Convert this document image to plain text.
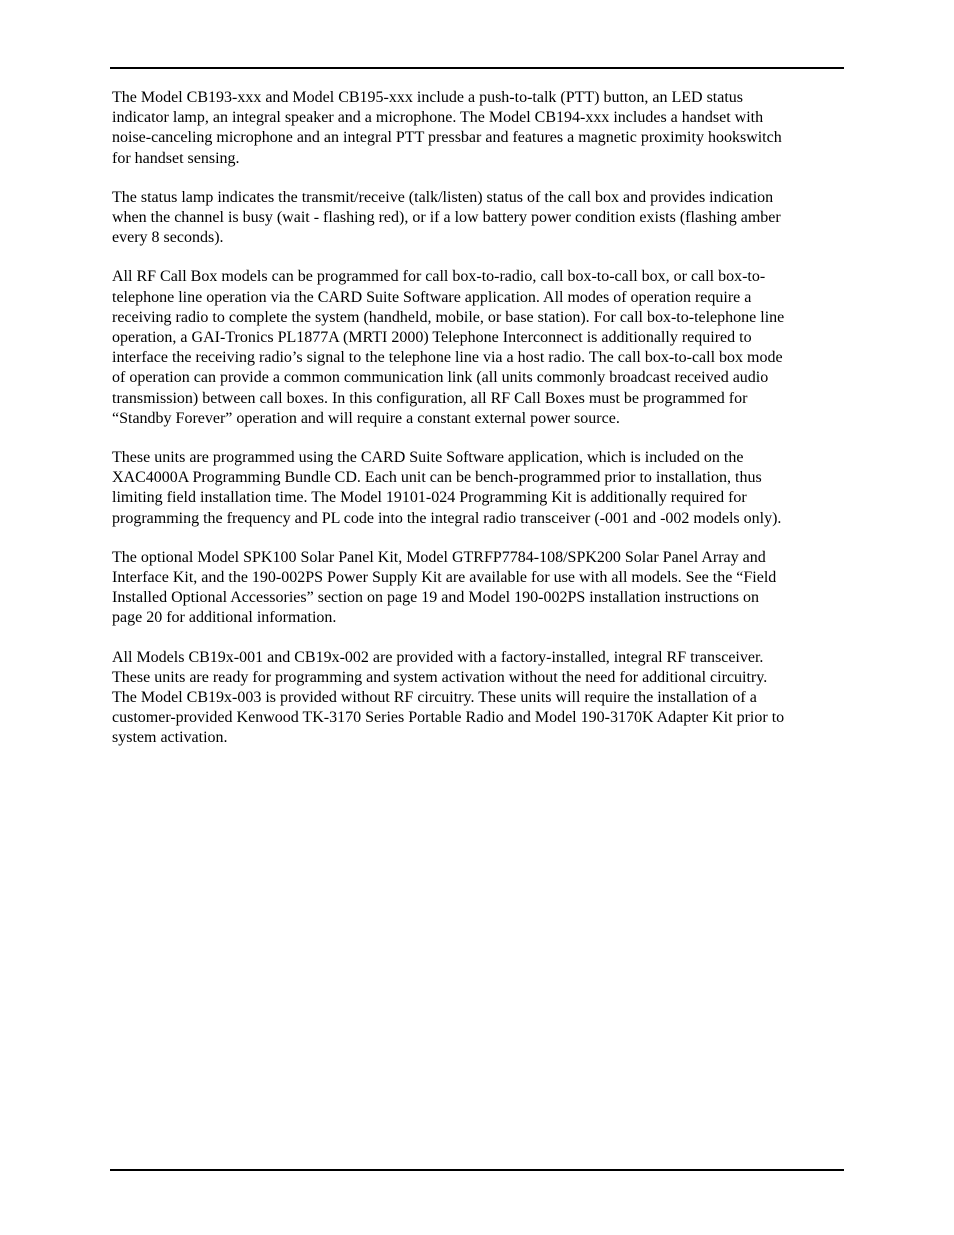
The Model CB193-xxx and Model CB195-xxx include a push-to-talk (PTT) button, an LED status
indicator lamp, an integral speaker and a microphone. The Model CB194-xxx includes a handset with
noise-canceling microphone and an integral PTT pressbar and features a magnetic proximity hookswitch
for handset sensing.

The status lamp indicates the transmit/receive (talk/listen) status of the call box and provides indication
when the channel is busy (wait - flashing red), or if a low battery power condition exists (flashing amber
every 8 seconds).

All RF Call Box models can be programmed for call box-to-radio, call box-to-call box, or call box-to-
telephone line operation via the CARD Suite Software application. All modes of operation require a
receiving radio to complete the system (handheld, mobile, or base station). For call box-to-telephone line
operation, a GAI-Tronics PL1877A (MRTI 2000) Telephone Interconnect is additionally required to
interface the receiving radio’s signal to the telephone line via a host radio. The call box-to-call box mode
of operation can provide a common communication link (all units commonly broadcast received audio
transmission) between call boxes. In this configuration, all RF Call Boxes must be programmed for
“Standby Forever” operation and will require a constant external power source.

These units are programmed using the CARD Suite Software application, which is included on the
XAC4000A Programming Bundle CD. Each unit can be bench-programmed prior to installation, thus
limiting field installation time. The Model 19101-024 Programming Kit is additionally required for
programming the frequency and PL code into the integral radio transceiver (-001 and -002 models only).

The optional Model SPK100 Solar Panel Kit, Model GTRFP7784-108/SPK200 Solar Panel Array and
Interface Kit, and the 190-002PS Power Supply Kit are available for use with all models. See the “Field
Installed Optional Accessories” section on page 19 and Model 190-002PS installation instructions on
page 20 for additional information.

All Models CB19x-001 and CB19x-002 are provided with a factory-installed, integral RF transceiver.
These units are ready for programming and system activation without the need for additional circuitry.
The Model CB19x-003 is provided without RF circuitry. These units will require the installation of a
customer-provided Kenwood TK-3170 Series Portable Radio and Model 190-3170K Adapter Kit prior to
system activation.
